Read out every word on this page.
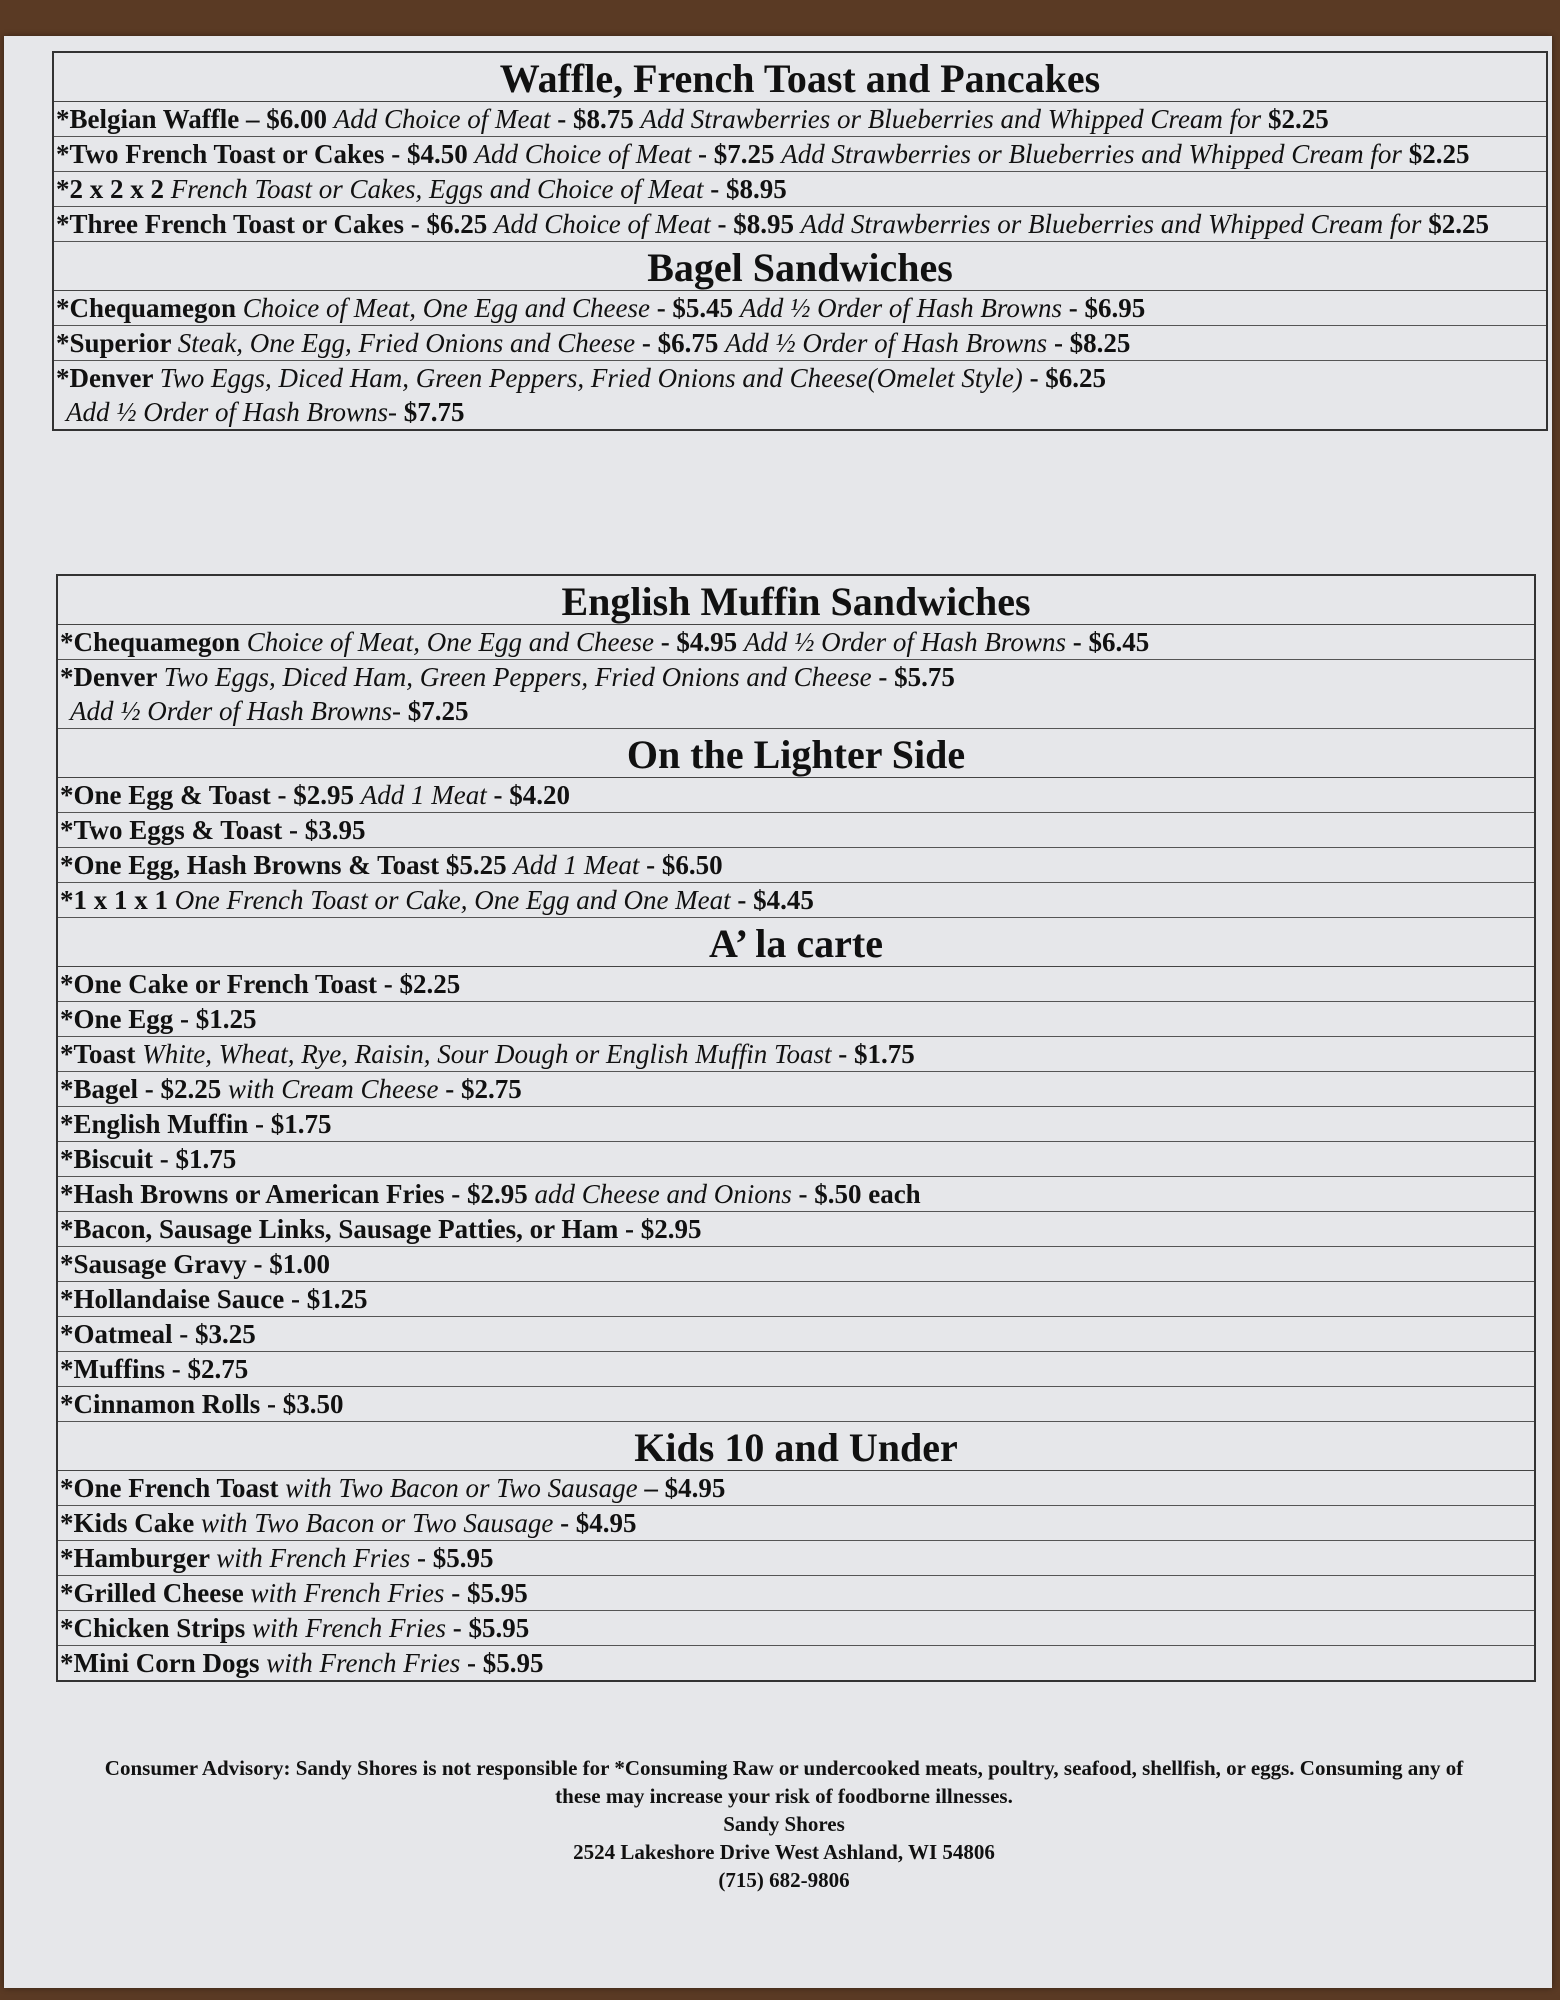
Waffle, French Toast and Pancakes
*Belgian Waffle – $6.00 Add Choice of Meat - $8.75 Add Strawberries or Blueberries and Whipped Cream for $2.25
*Two French Toast or Cakes - $4.50 Add Choice of Meat - $7.25 Add Strawberries or Blueberries and Whipped Cream for $2.25
*2 x 2 x 2 French Toast or Cakes, Eggs and Choice of Meat - $8.95
*Three French Toast or Cakes - $6.25 Add Choice of Meat - $8.95 Add Strawberries or Blueberries and Whipped Cream for $2.25
Bagel Sandwiches
*Chequamegon Choice of Meat, One Egg and Cheese - $5.45 Add ½ Order of Hash Browns - $6.95
*Superior Steak, One Egg, Fried Onions and Cheese - $6.75 Add ½ Order of Hash Browns - $8.25
*Denver Two Eggs, Diced Ham, Green Peppers, Fried Onions and Cheese(Omelet Style) - $6.25
Add ½ Order of Hash Browns- $7.75
English Muffin Sandwiches
*Chequamegon Choice of Meat, One Egg and Cheese - $4.95 Add ½ Order of Hash Browns - $6.45
*Denver Two Eggs, Diced Ham, Green Peppers, Fried Onions and Cheese - $5.75
Add ½ Order of Hash Browns- $7.25
On the Lighter Side
*One Egg & Toast - $2.95 Add 1 Meat - $4.20
*Two Eggs & Toast - $3.95
*One Egg, Hash Browns & Toast $5.25 Add 1 Meat - $6.50
*1 x 1 x 1 One French Toast or Cake, One Egg and One Meat - $4.45
A’ la carte
*One Cake or French Toast - $2.25
*One Egg - $1.25
*Toast White, Wheat, Rye, Raisin, Sour Dough or English Muffin Toast - $1.75
*Bagel - $2.25 with Cream Cheese - $2.75
*English Muffin - $1.75
*Biscuit - $1.75
*Hash Browns or American Fries - $2.95 add Cheese and Onions - $.50 each
*Bacon, Sausage Links, Sausage Patties, or Ham - $2.95
*Sausage Gravy - $1.00
*Hollandaise Sauce - $1.25
*Oatmeal - $3.25
*Muffins - $2.75
*Cinnamon Rolls - $3.50
Kids 10 and Under
*One French Toast with Two Bacon or Two Sausage – $4.95
*Kids Cake with Two Bacon or Two Sausage - $4.95
*Hamburger with French Fries - $5.95
*Grilled Cheese with French Fries - $5.95
*Chicken Strips with French Fries - $5.95
*Mini Corn Dogs with French Fries - $5.95
Consumer Advisory: Sandy Shores is not responsible for *Consuming Raw or undercooked meats, poultry, seafood, shellfish, or eggs. Consuming any of these may increase your risk of foodborne illnesses.
Sandy Shores
2524 Lakeshore Drive West Ashland, WI 54806
(715) 682-9806
